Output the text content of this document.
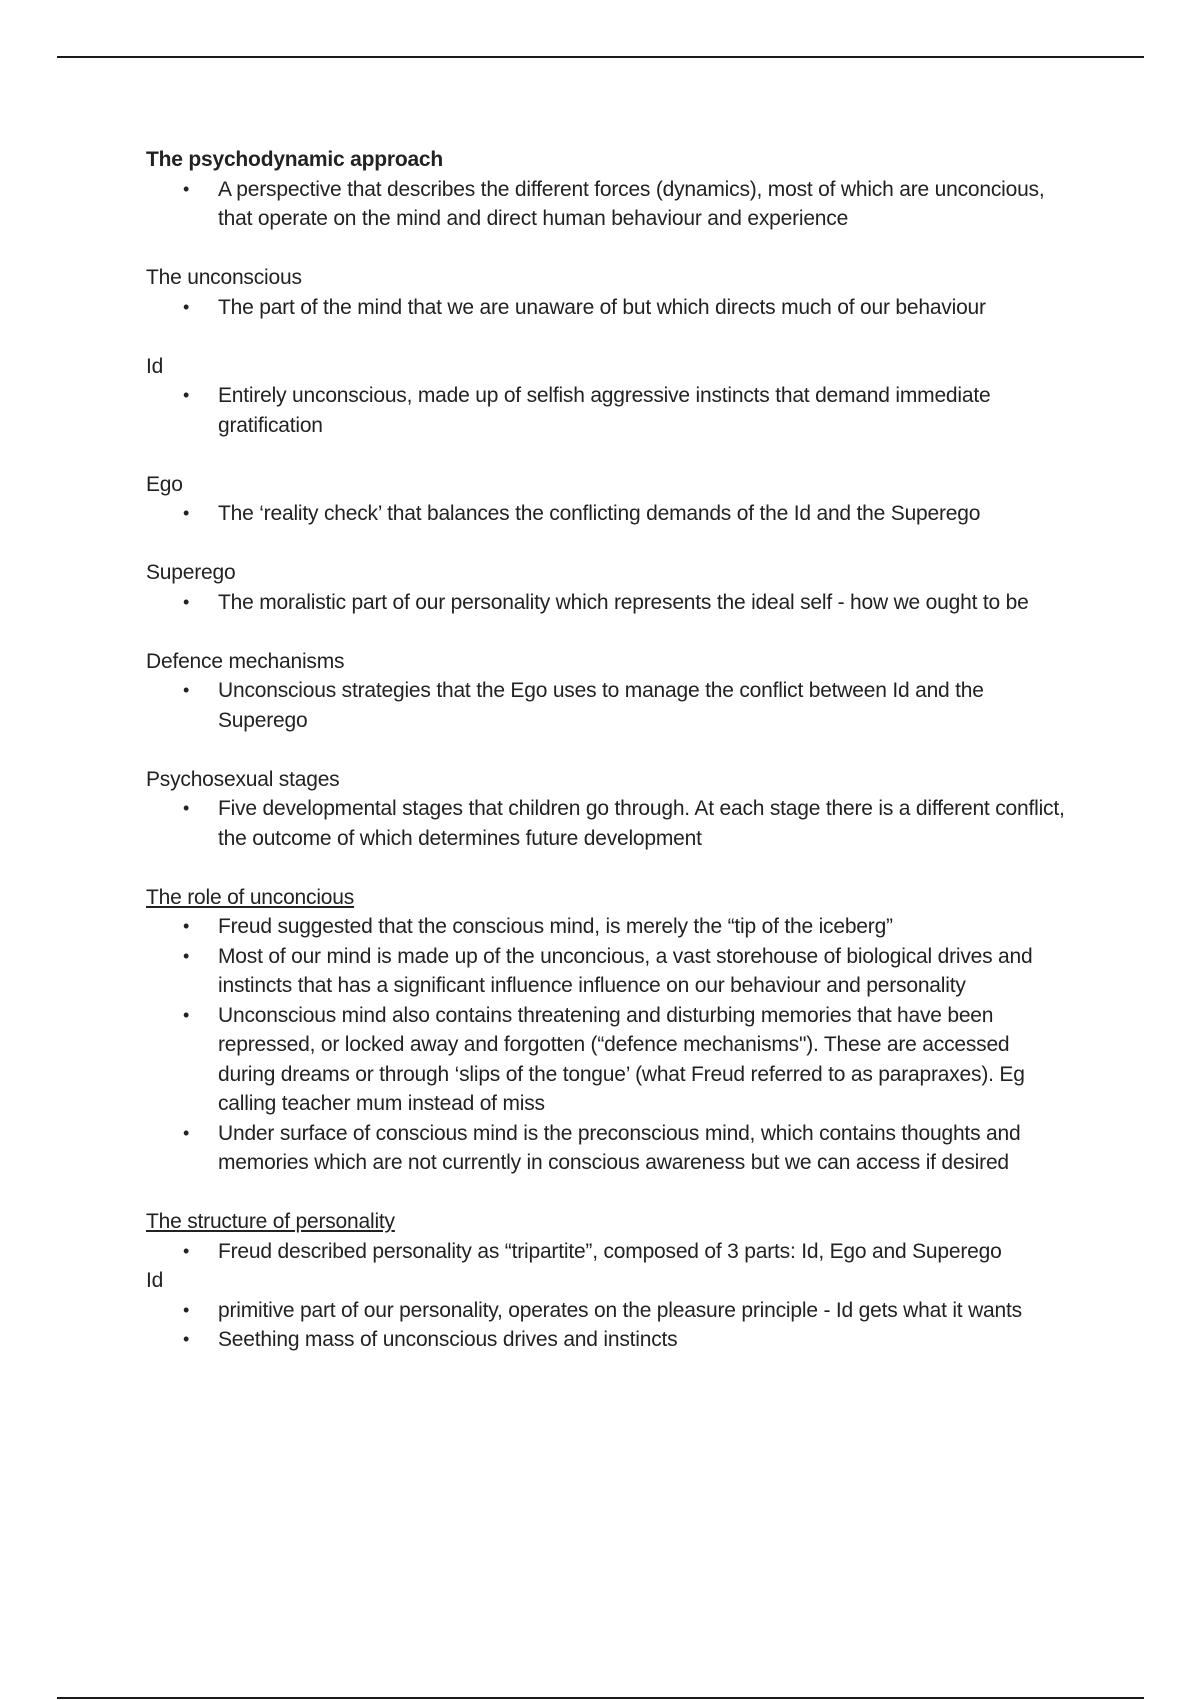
The psychodynamic approach

• A perspective that describes the different forces (dynamics), most of which are unconcious, that operate on the mind and direct human behaviour and experience

The unconscious

• The part of the mind that we are unaware of but which directs much of our behaviour

Id

• Entirely unconscious, made up of selfish aggressive instincts that demand immediate gratification

Ego

• The ‘reality check’ that balances the conflicting demands of the Id and the Superego

Superego

• The moralistic part of our personality which represents the ideal self - how we ought to be

Defence mechanisms

• Unconscious strategies that the Ego uses to manage the conflict between Id and the Superego

Psychosexual stages

• Five developmental stages that children go through. At each stage there is a different conflict, the outcome of which determines future development

The role of unconcious

• Freud suggested that the conscious mind, is merely the “tip of the iceberg”
• Most of our mind is made up of the unconcious, a vast storehouse of biological drives and instincts that has a significant influence influence on our behaviour and personality
• Unconscious mind also contains threatening and disturbing memories that have been repressed, or locked away and forgotten (“defence mechanisms"). These are accessed during dreams or through ‘slips of the tongue’ (what Freud referred to as parapraxes). Eg calling teacher mum instead of miss
• Under surface of conscious mind is the preconscious mind, which contains thoughts and memories which are not currently in conscious awareness but we can access if desired

The structure of personality

• Freud described personality as “tripartite”, composed of 3 parts: Id, Ego and Superego

Id

• primitive part of our personality, operates on the pleasure principle - Id gets what it wants
• Seething mass of unconscious drives and instincts
